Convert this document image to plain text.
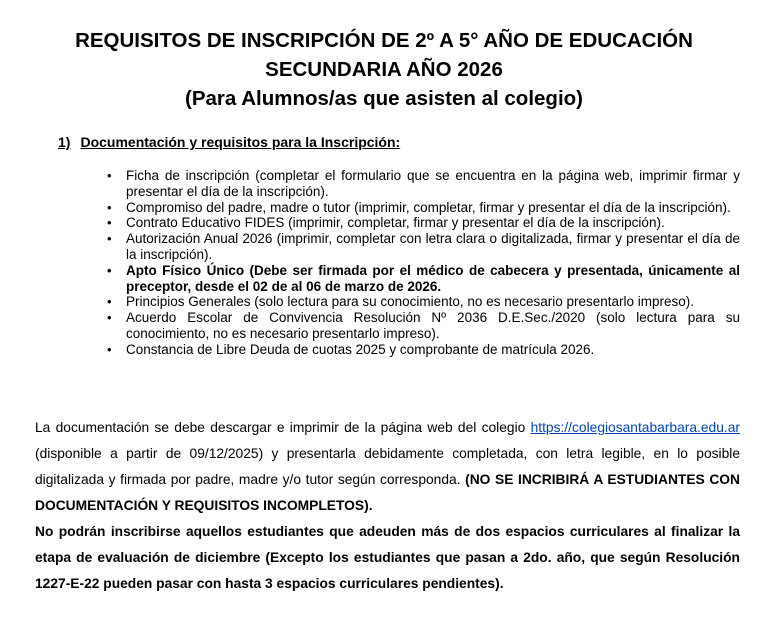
REQUISITOS DE INSCRIPCIÓN DE 2º A 5° AÑO DE EDUCACIÓN
SECUNDARIA AÑO 2026
(Para Alumnos/as que asisten al colegio)
1) Documentación y requisitos para la Inscripción:
• Ficha de inscripción (completar el formulario que se encuentra en la página web, imprimir firmar y presentar el día de la inscripción).
• Compromiso del padre, madre o tutor (imprimir, completar, firmar y presentar el día de la inscripción).
• Contrato Educativo FIDES (imprimir, completar, firmar y presentar el día de la inscripción).
• Autorización Anual 2026 (imprimir, completar con letra clara o digitalizada, firmar y presentar el día de la inscripción).
• Apto Físico Único (Debe ser firmada por el médico de cabecera y presentada, únicamente al preceptor, desde el 02 de al 06 de marzo de 2026.
• Principios Generales (solo lectura para su conocimiento, no es necesario presentarlo impreso).
• Acuerdo Escolar de Convivencia Resolución Nº 2036 D.E.Sec./2020 (solo lectura para su conocimiento, no es necesario presentarlo impreso).
• Constancia de Libre Deuda de cuotas 2025 y comprobante de matrícula 2026.
La documentación se debe descargar e imprimir de la página web del colegio https://colegiosantabarbara.edu.ar (disponible a partir de 09/12/2025) y presentarla debidamente completada, con letra legible, en lo posible digitalizada y firmada por padre, madre y/o tutor según corresponda. (NO SE INCRIBIRÁ A ESTUDIANTES CON DOCUMENTACIÓN Y REQUISITOS INCOMPLETOS).
No podrán inscribirse aquellos estudiantes que adeuden más de dos espacios curriculares al finalizar la etapa de evaluación de diciembre (Excepto los estudiantes que pasan a 2do. año, que según Resolución 1227-E-22 pueden pasar con hasta 3 espacios curriculares pendientes).
